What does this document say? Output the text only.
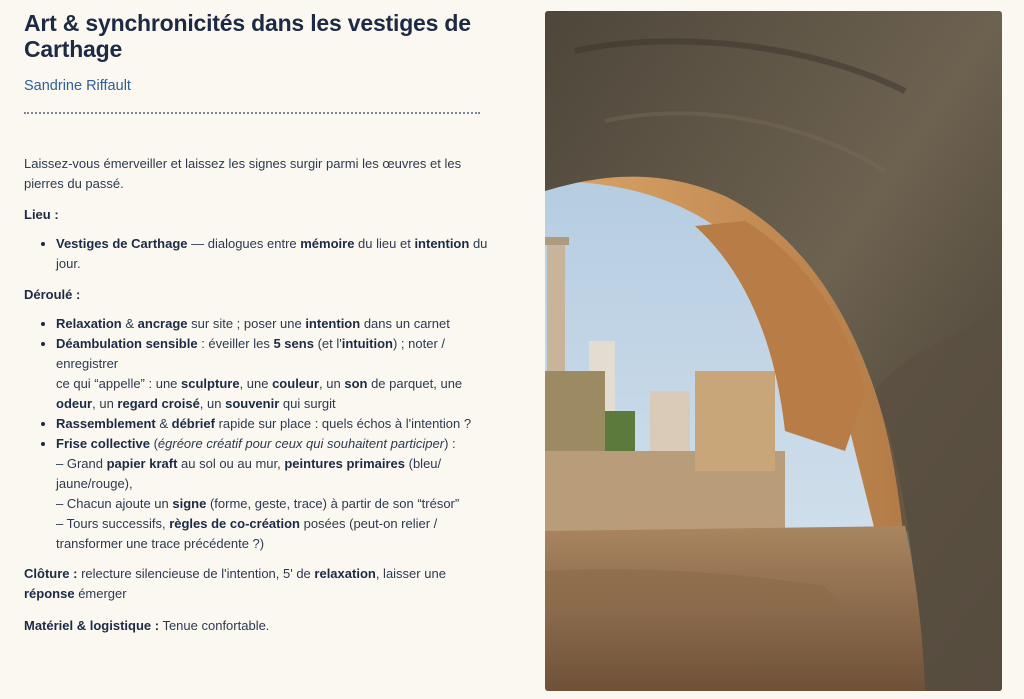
Art & synchronicités dans les vestiges de Carthage
Sandrine Riffault
Laissez-vous émerveiller et laissez les signes surgir parmi les œuvres et les pierres du passé.
Lieu :
• Vestiges de Carthage — dialogues entre mémoire du lieu et intention du jour.
Déroulé :
• Relaxation & ancrage sur site ; poser une intention dans un carnet
• Déambulation sensible : éveiller les 5 sens (et l'intuition) ; noter / enregistrer
ce qui “appelle” : une sculpture, une couleur, un son de parquet, une odeur, un regard croisé, un souvenir qui surgit
• Rassemblement & débrief rapide sur place : quels échos à l'intention ?
• Frise collective (égréore créatif pour ceux qui souhaitent participer) :
– Grand papier kraft au sol ou au mur, peintures primaires (bleu/ jaune/rouge),
– Chacun ajoute un signe (forme, geste, trace) à partir de son “trésor”
– Tours successifs, règles de co-création posées (peut-on relier / transformer une trace précédente ?)
Clôture : relecture silencieuse de l'intention, 5' de relaxation, laisser une réponse émerger
Matériel & logistique : Tenue confortable.
